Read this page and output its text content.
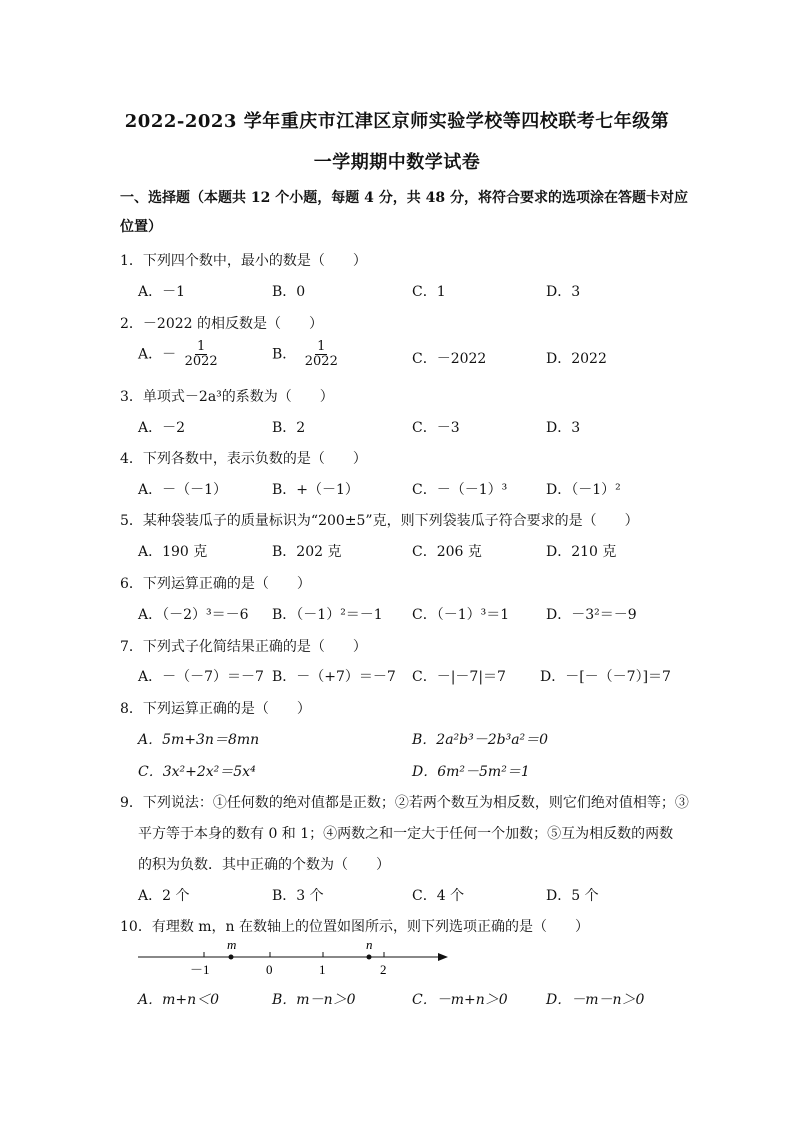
2022-2023 学年重庆市江津区京师实验学校等四校联考七年级第
一学期期中数学试卷
一、选择题（本题共 12 个小题，每题 4 分，共 48 分，将符合要求的选项涂在答题卡对应
位置）
1．下列四个数中，最小的数是（　　）
A．－1	B．0	C．1	D．3
2．－2022 的相反数是（　　）
A．－ $\frac{1}{2022}$	B． $\frac{1}{2022}$	C．－2022	D．2022
3．单项式－2a³的系数为（　　）
A．－2	B．2	C．－3	D．3
4．下列各数中，表示负数的是（　　）
A．－（－1）	B．+（－1）	C．－（－1）³	D．（－1）²
5．某种袋装瓜子的质量标识为“200±5”克，则下列袋装瓜子符合要求的是（　　）
A．190 克	B．202 克	C．206 克	D．210 克
6．下列运算正确的是（　　）
A．（－2）³＝－6 B．（－1）²＝－1 C．（－1）³＝1	D．－3²＝－9
7．下列式子化简结果正确的是（　　）
A．－（－7）＝－7 B．－（+7）＝－7 C．－|－7|＝7 D．－[－（－7）]＝7
8．下列运算正确的是（　　）
A．5m+3n＝8mn	B．2a²b³－2b³a²＝0
C．3x²+2x²＝5x⁴	D．6m²－5m²＝1
9．下列说法：①任何数的绝对值都是正数；②若两个数互为相反数，则它们绝对值相等；③
平方等于本身的数有 0 和 1；④两数之和一定大于任何一个加数；⑤互为相反数的两数
的积为负数．其中正确的个数为（　　）
A．2 个	B．3 个	C．4 个	D．5 个
10．有理数 m，n 在数轴上的位置如图所示，则下列选项正确的是（　　）
m	n
－1	0	1	2
A．m+n＜0	B．m－n＞0	C．－m+n＞0	D．－m－n＞0
